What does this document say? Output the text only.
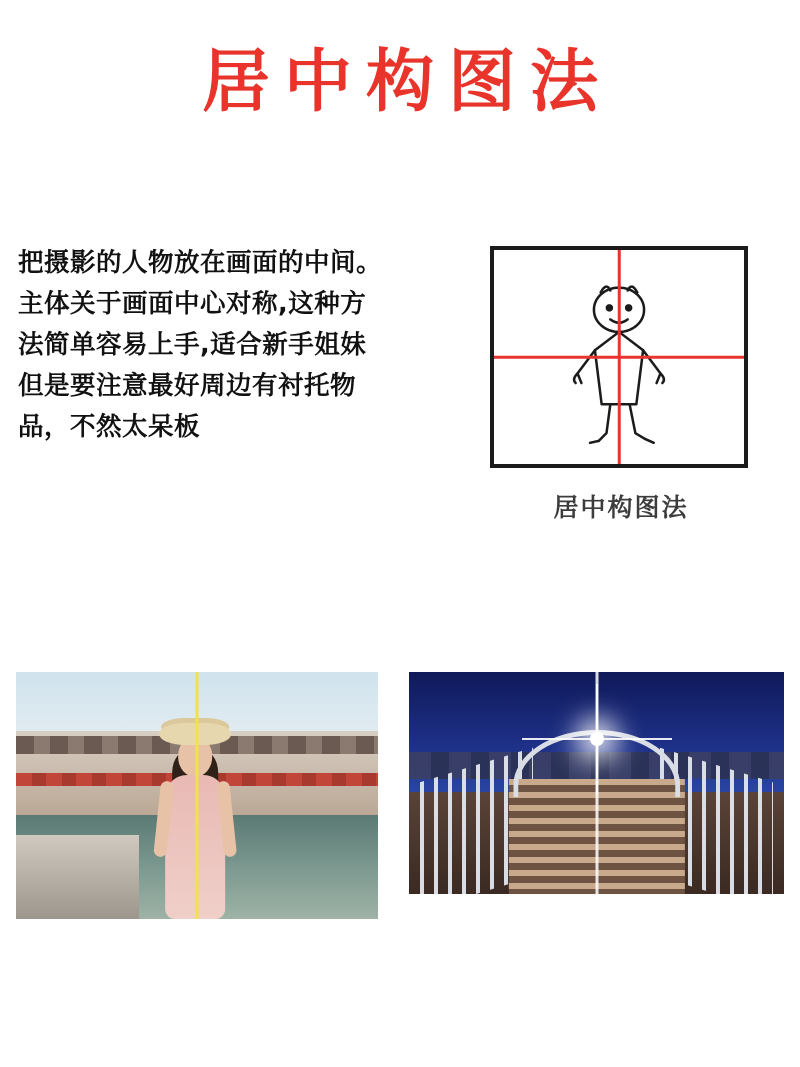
居中构图法
把摄影的人物放在画面的中间。
主体关于画面中心对称,这种方
法简单容易上手,适合新手姐妹
但是要注意最好周边有衬托物
品，不然太呆板
居中构图法
